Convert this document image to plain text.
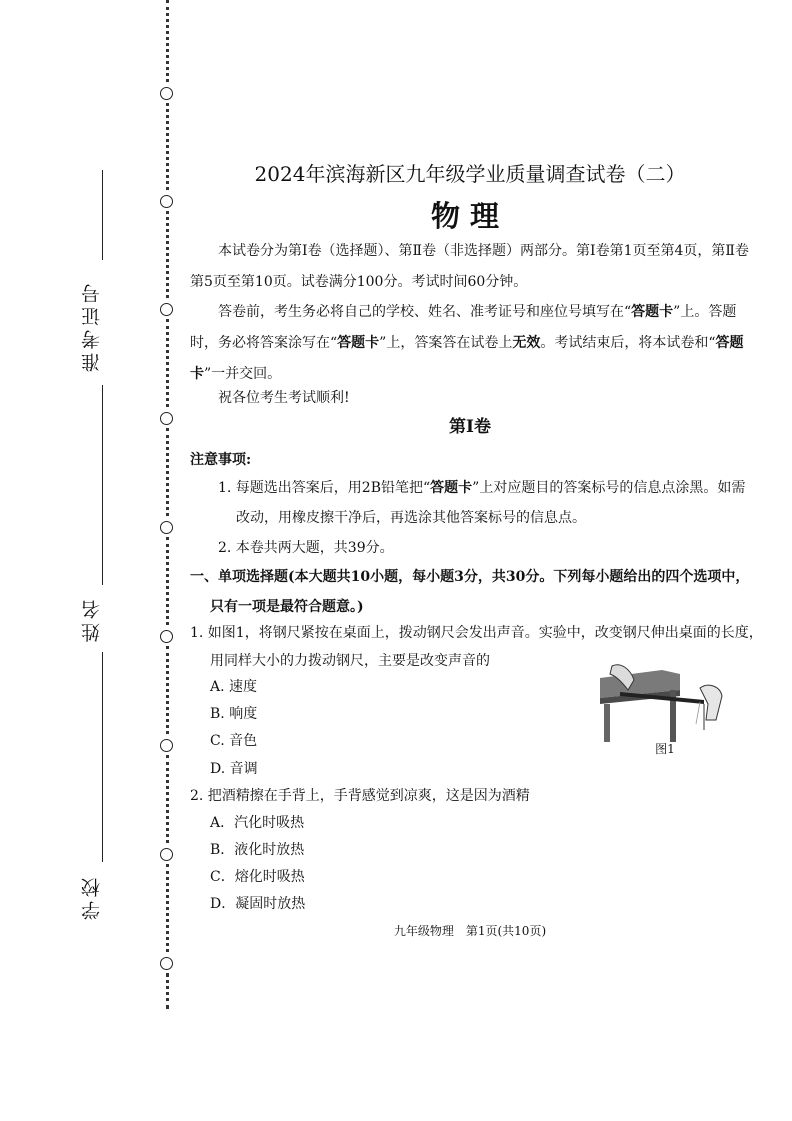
准考证号
姓名
学校
2024年滨海新区九年级学业质量调查试卷（二）
物理
本试卷分为第Ⅰ卷（选择题）、第Ⅱ卷（非选择题）两部分。第Ⅰ卷第1页至第4页，第Ⅱ卷第5页至第10页。试卷满分100分。考试时间60分钟。
答卷前，考生务必将自己的学校、姓名、准考证号和座位号填写在“答题卡”上。答题时，务必将答案涂写在“答题卡”上，答案答在试卷上无效。考试结束后，将本试卷和“答题卡”一并交回。
祝各位考生考试顺利!
第Ⅰ卷
注意事项:
1. 每题选出答案后，用2B铅笔把“答题卡”上对应题目的答案标号的信息点涂黑。如需
改动，用橡皮擦干净后，再选涂其他答案标号的信息点。
2. 本卷共两大题，共39分。
一、单项选择题(本大题共10小题，每小题3分，共30分。下列每小题给出的四个选项中，
只有一项是最符合题意。)
1. 如图1，将钢尺紧按在桌面上，拨动钢尺会发出声音。实验中，改变钢尺伸出桌面的长度，
用同样大小的力拨动钢尺，主要是改变声音的
A. 速度
B. 响度
C. 音色
D. 音调
图1
2. 把酒精擦在手背上，手背感觉到凉爽，这是因为酒精
A．汽化时吸热
B．液化时放热
C．熔化时吸热
D．凝固时放热
九年级物理　第1页(共10页)
